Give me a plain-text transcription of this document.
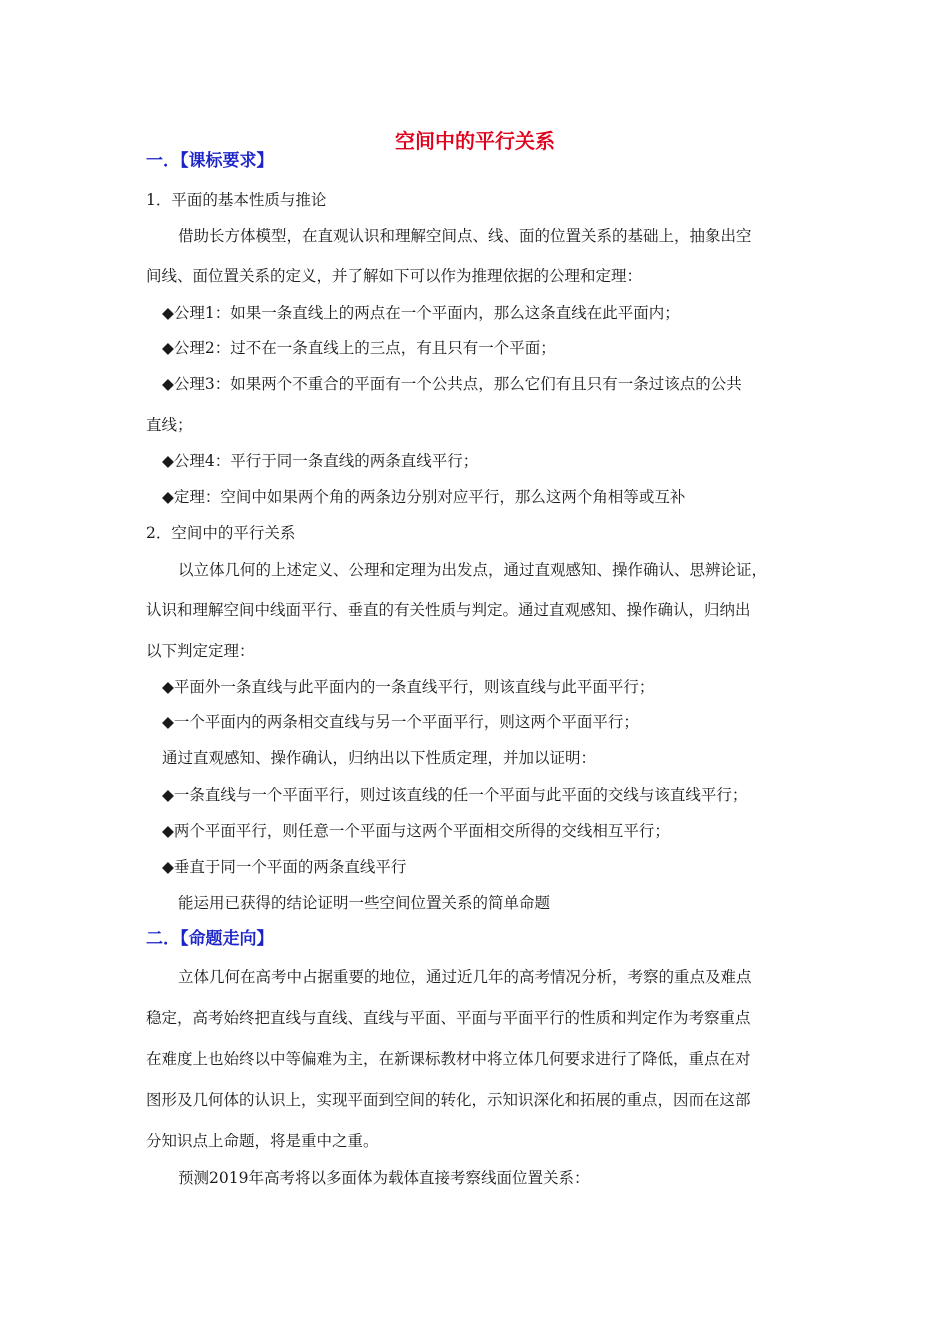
空间中的平行关系
一．【课标要求】
1．平面的基本性质与推论
借助长方体模型，在直观认识和理解空间点、线、面的位置关系的基础上，抽象出空
间线、面位置关系的定义，并了解如下可以作为推理依据的公理和定理：
◆公理1：如果一条直线上的两点在一个平面内，那么这条直线在此平面内；
◆公理2：过不在一条直线上的三点，有且只有一个平面；
◆公理3：如果两个不重合的平面有一个公共点，那么它们有且只有一条过该点的公共
直线；
◆公理4：平行于同一条直线的两条直线平行；
◆定理：空间中如果两个角的两条边分别对应平行，那么这两个角相等或互补
2．空间中的平行关系
以立体几何的上述定义、公理和定理为出发点，通过直观感知、操作确认、思辨论证，
认识和理解空间中线面平行、垂直的有关性质与判定。通过直观感知、操作确认，归纳出
以下判定定理：
◆平面外一条直线与此平面内的一条直线平行，则该直线与此平面平行；
◆一个平面内的两条相交直线与另一个平面平行，则这两个平面平行；
通过直观感知、操作确认，归纳出以下性质定理，并加以证明：
◆一条直线与一个平面平行，则过该直线的任一个平面与此平面的交线与该直线平行；
◆两个平面平行，则任意一个平面与这两个平面相交所得的交线相互平行；
◆垂直于同一个平面的两条直线平行
能运用已获得的结论证明一些空间位置关系的简单命题
二．【命题走向】
立体几何在高考中占据重要的地位，通过近几年的高考情况分析，考察的重点及难点
稳定，高考始终把直线与直线、直线与平面、平面与平面平行的性质和判定作为考察重点
在难度上也始终以中等偏难为主，在新课标教材中将立体几何要求进行了降低，重点在对
图形及几何体的认识上，实现平面到空间的转化，示知识深化和拓展的重点，因而在这部
分知识点上命题，将是重中之重。
预测2019年高考将以多面体为载体直接考察线面位置关系：
